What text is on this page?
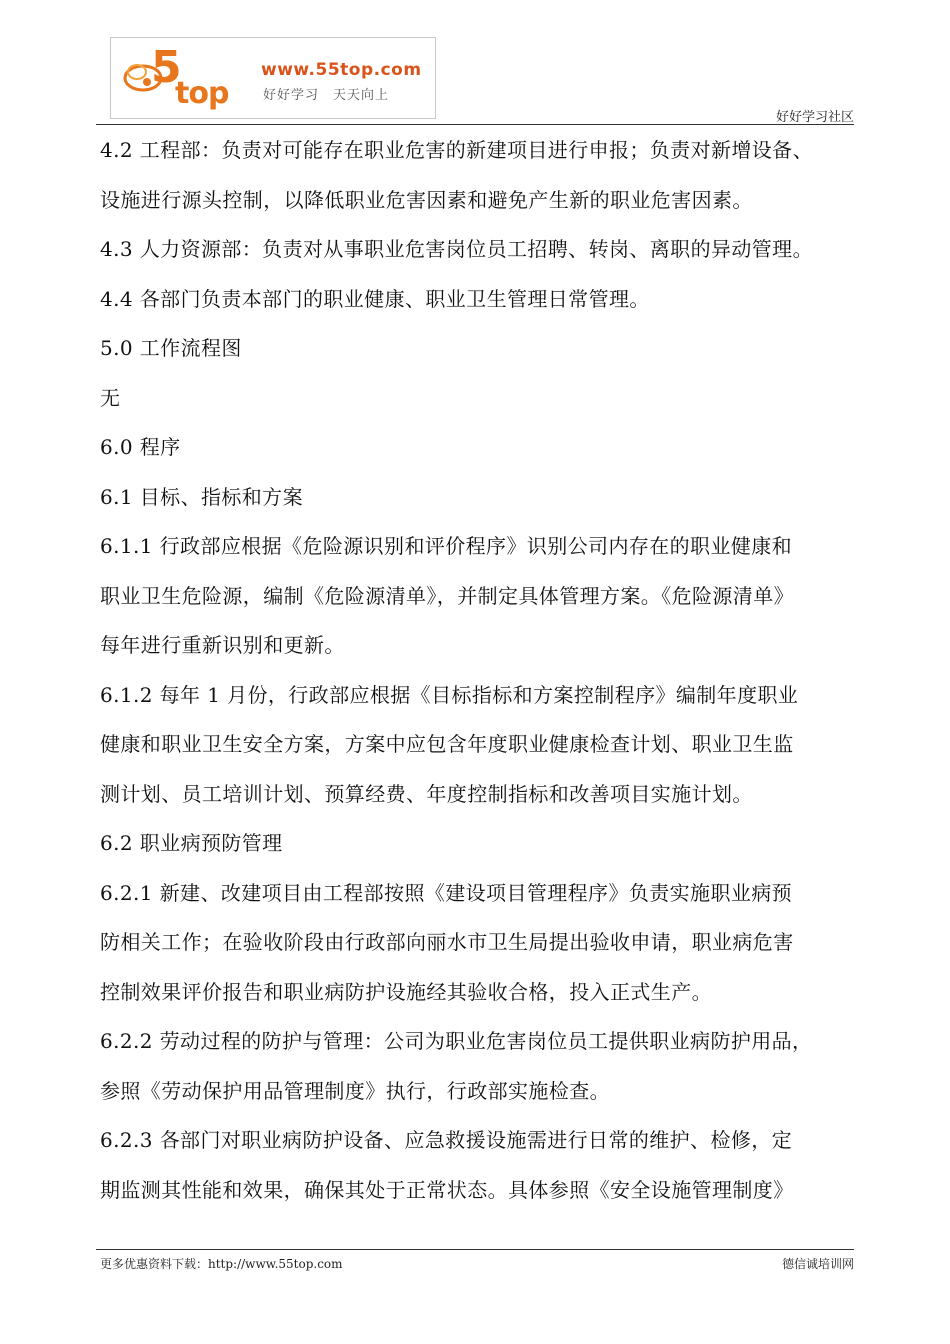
5
top
www.55top.com
好好学习　天天向上
好好学习社区

4.2 工程部：负责对可能存在职业危害的新建项目进行申报；负责对新增设备、

设施进行源头控制，以降低职业危害因素和避免产生新的职业危害因素。

4.3 人力资源部：负责对从事职业危害岗位员工招聘、转岗、离职的异动管理。

4.4 各部门负责本部门的职业健康、职业卫生管理日常管理。

5.0 工作流程图

无

6.0 程序

6.1 目标、指标和方案

6.1.1 行政部应根据《危险源识别和评价程序》识别公司内存在的职业健康和

职业卫生危险源，编制《危险源清单》，并制定具体管理方案。《危险源清单》

每年进行重新识别和更新。

6.1.2 每年 1 月份，行政部应根据《目标指标和方案控制程序》编制年度职业

健康和职业卫生安全方案，方案中应包含年度职业健康检查计划、职业卫生监

测计划、员工培训计划、预算经费、年度控制指标和改善项目实施计划。

6.2 职业病预防管理

6.2.1 新建、改建项目由工程部按照《建设项目管理程序》负责实施职业病预

防相关工作；在验收阶段由行政部向丽水市卫生局提出验收申请，职业病危害

控制效果评价报告和职业病防护设施经其验收合格，投入正式生产。

6.2.2 劳动过程的防护与管理：公司为职业危害岗位员工提供职业病防护用品，

参照《劳动保护用品管理制度》执行，行政部实施检查。

6.2.3 各部门对职业病防护设备、应急救援设施需进行日常的维护、检修，定

期监测其性能和效果，确保其处于正常状态。具体参照《安全设施管理制度》

更多优惠资料下载：http://www.55top.com	德信诚培训网
